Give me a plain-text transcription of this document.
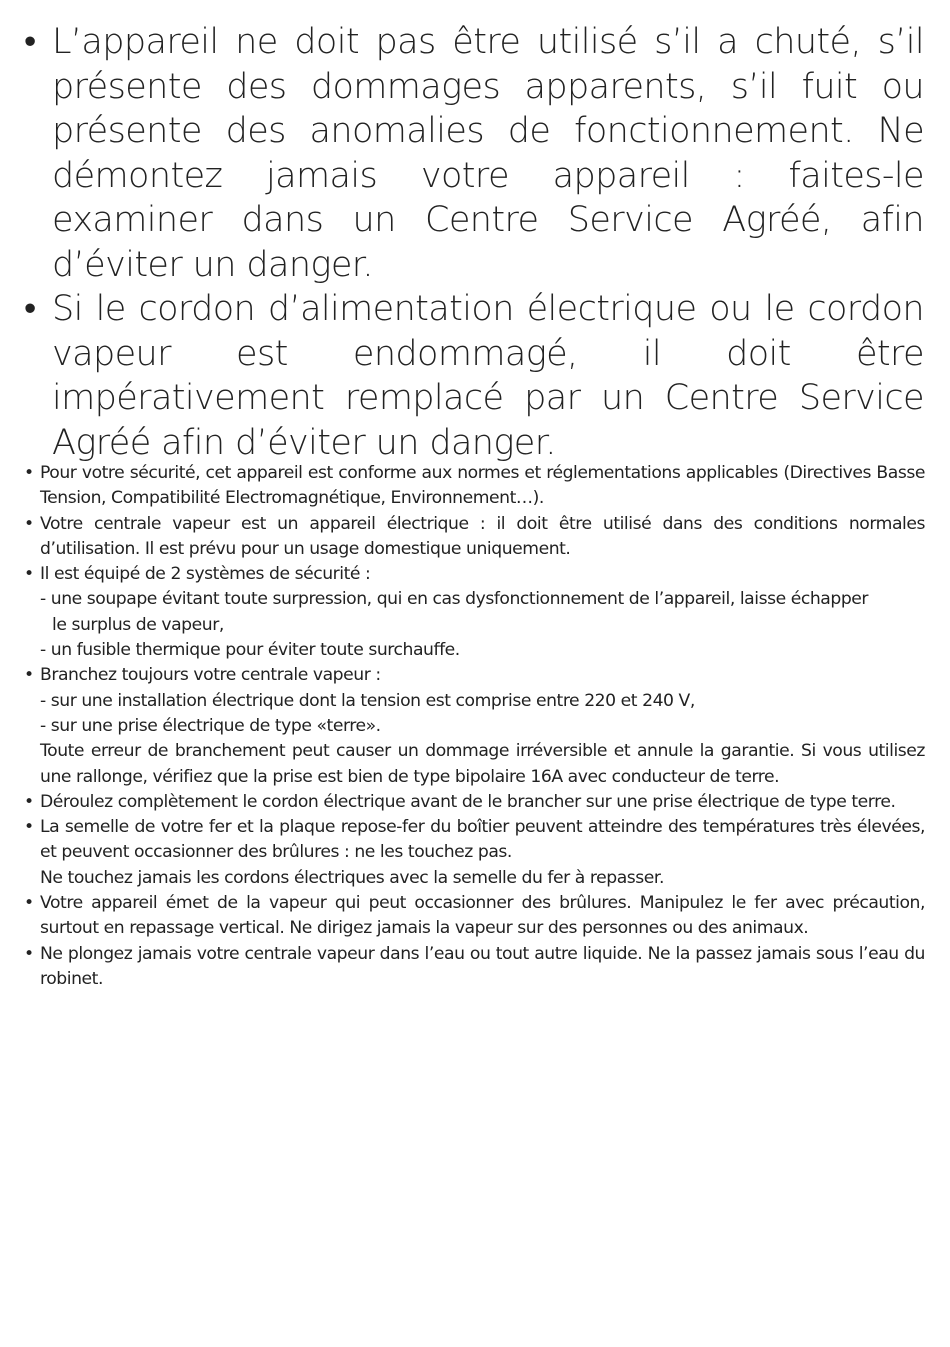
• L’appareil ne doit pas être utilisé s’il a chuté, s’il présente des dommages apparents, s’il fuit ou présente des anomalies de fonctionnement. Ne démontez jamais votre appareil : faites-le examiner dans un Centre Service Agréé, afin d’éviter un danger.
• Si le cordon d’alimentation électrique ou le cordon vapeur est endommagé, il doit être impérativement remplacé par un Centre Service Agréé afin d’éviter un danger.
• Pour votre sécurité, cet appareil est conforme aux normes et réglementations applicables (Directives Basse Tension, Compatibilité Electromagnétique, Environnement…).
• Votre centrale vapeur est un appareil électrique : il doit être utilisé dans des conditions normales d’utilisation. Il est prévu pour un usage domestique uniquement.
• Il est équipé de 2 systèmes de sécurité :
- une soupape évitant toute surpression, qui en cas dysfonctionnement de l’appareil, laisse échapper
le surplus de vapeur,
- un fusible thermique pour éviter toute surchauffe.
• Branchez toujours votre centrale vapeur :
- sur une installation électrique dont la tension est comprise entre 220 et 240 V,
- sur une prise électrique de type «terre».
Toute erreur de branchement peut causer un dommage irréversible et annule la garantie. Si vous utilisez une rallonge, vérifiez que la prise est bien de type bipolaire 16A avec conducteur de terre.
• Déroulez complètement le cordon électrique avant de le brancher sur une prise électrique de type terre.
• La semelle de votre fer et la plaque repose-fer du boîtier peuvent atteindre des températures très élevées, et peuvent occasionner des brûlures : ne les touchez pas.
Ne touchez jamais les cordons électriques avec la semelle du fer à repasser.
• Votre appareil émet de la vapeur qui peut occasionner des brûlures. Manipulez le fer avec précaution, surtout en repassage vertical. Ne dirigez jamais la vapeur sur des personnes ou des animaux.
• Ne plongez jamais votre centrale vapeur dans l’eau ou tout autre liquide. Ne la passez jamais sous l’eau du robinet.
